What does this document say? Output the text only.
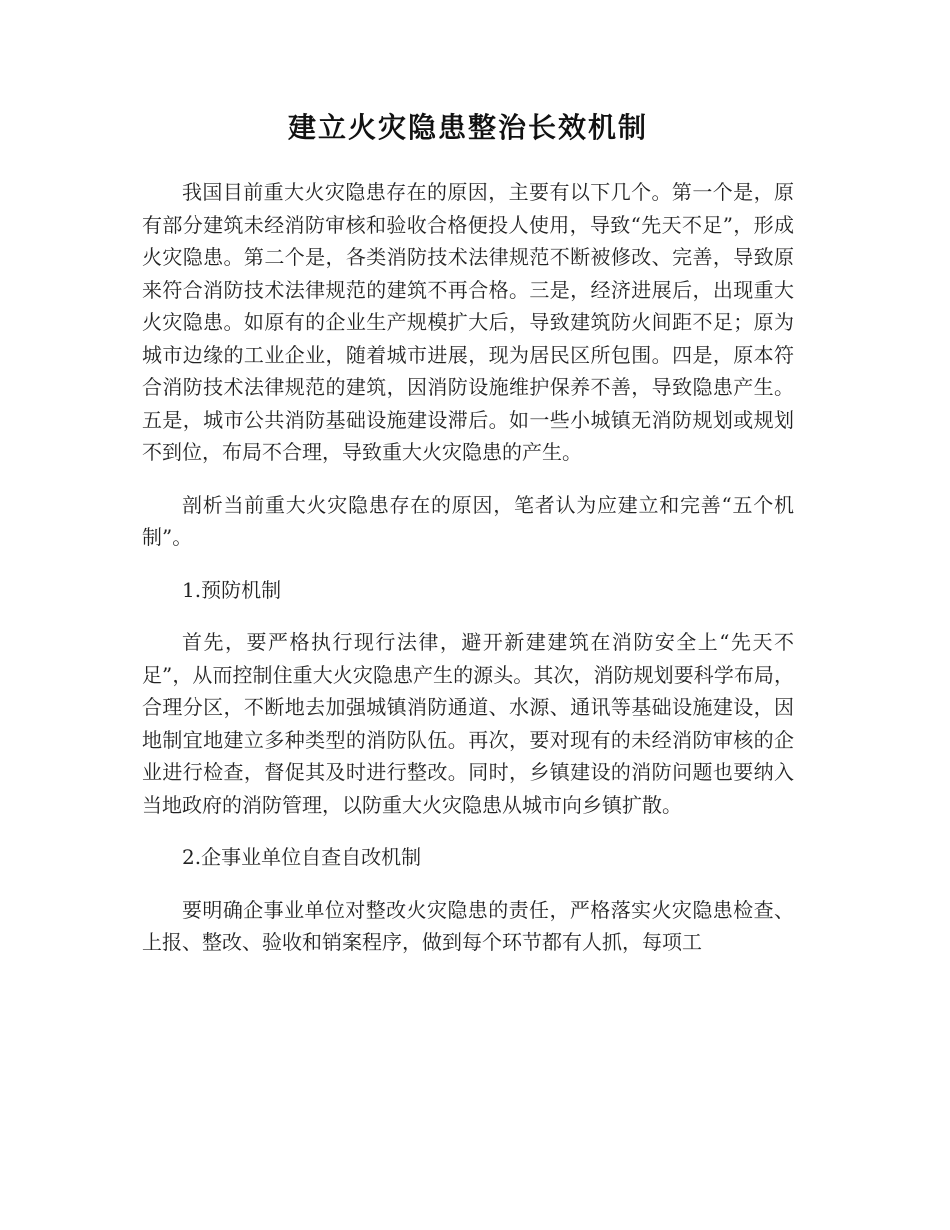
建立火灾隐患整治长效机制

我国目前重大火灾隐患存在的原因，主要有以下几个。第一个是，原有部分建筑未经消防审核和验收合格便投人使用，导致“先天不足”，形成火灾隐患。第二个是，各类消防技术法律规范不断被修改、完善，导致原来符合消防技术法律规范的建筑不再合格。三是，经济进展后，出现重大火灾隐患。如原有的企业生产规模扩大后，导致建筑防火间距不足；原为城市边缘的工业企业，随着城市进展，现为居民区所包围。四是，原本符合消防技术法律规范的建筑，因消防设施维护保养不善，导致隐患产生。五是，城市公共消防基础设施建设滞后。如一些小城镇无消防规划或规划不到位，布局不合理，导致重大火灾隐患的产生。

剖析当前重大火灾隐患存在的原因，笔者认为应建立和完善“五个机制”。

1.预防机制

首先，要严格执行现行法律，避开新建建筑在消防安全上“先天不足”，从而控制住重大火灾隐患产生的源头。其次，消防规划要科学布局，合理分区，不断地去加强城镇消防通道、水源、通讯等基础设施建设，因地制宜地建立多种类型的消防队伍。再次，要对现有的未经消防审核的企业进行检查，督促其及时进行整改。同时，乡镇建设的消防问题也要纳入当地政府的消防管理，以防重大火灾隐患从城市向乡镇扩散。

2.企事业单位自查自改机制

要明确企事业单位对整改火灾隐患的责任，严格落实火灾隐患检查、上报、整改、验收和销案程序，做到每个环节都有人抓，每项工
